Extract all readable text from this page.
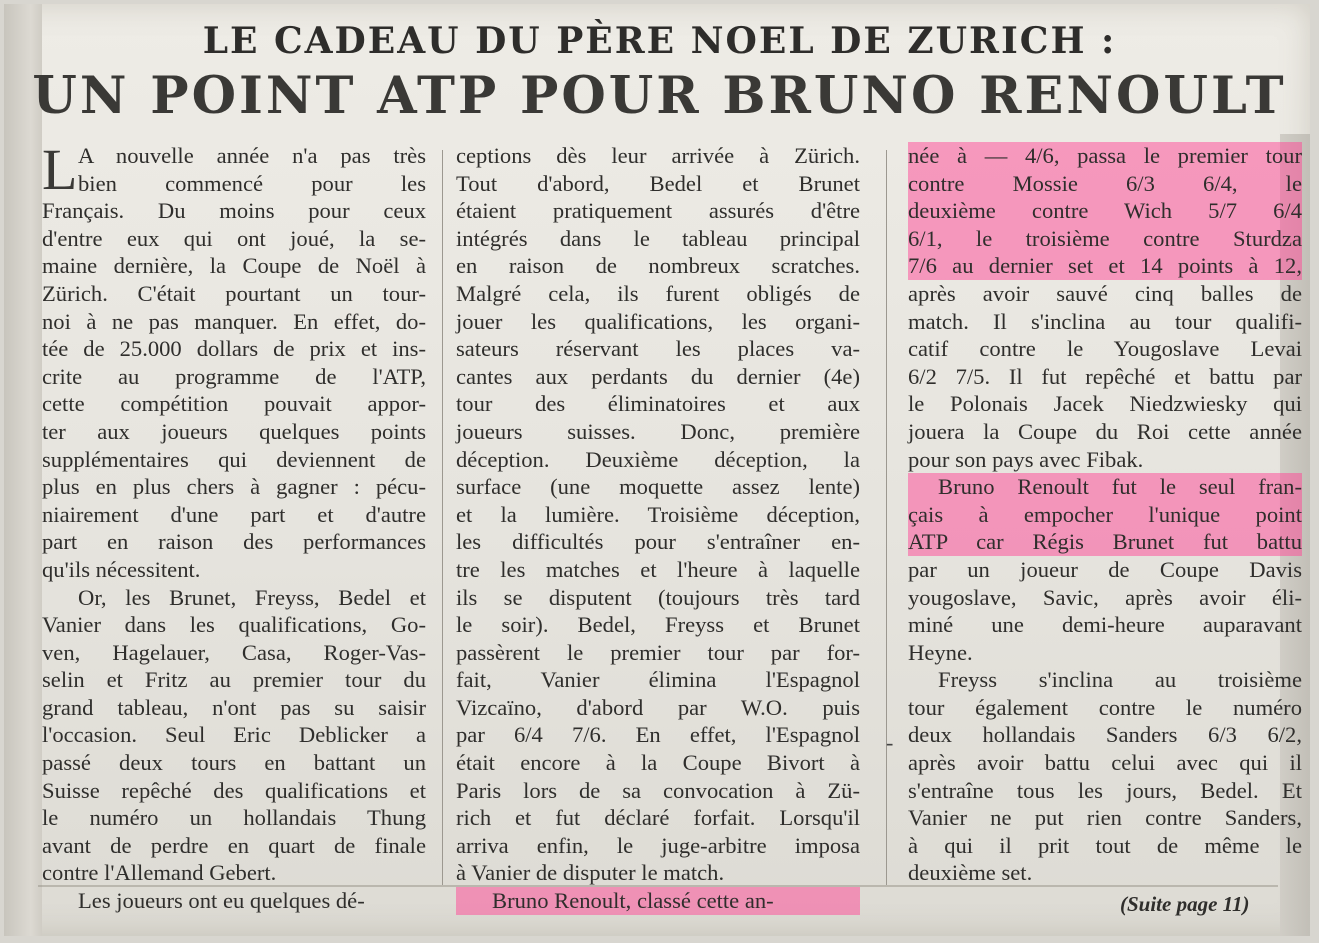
LE CADEAU DU PÈRE NOEL DE ZURICH :
UN POINT ATP POUR BRUNO RENOULT
L A nouvelle année n'a pas très
bien commencé pour les
Français. Du moins pour ceux
d'entre eux qui ont joué, la se-
maine dernière, la Coupe de Noël à
Zürich. C'était pourtant un tour-
noi à ne pas manquer. En effet, do-
tée de 25.000 dollars de prix et ins-
crite au programme de l'ATP,
cette compétition pouvait appor-
ter aux joueurs quelques points
supplémentaires qui deviennent de
plus en plus chers à gagner : pécu-
niairement d'une part et d'autre
part en raison des performances
qu'ils nécessitent.
Or, les Brunet, Freyss, Bedel et
Vanier dans les qualifications, Go-
ven, Hagelauer, Casa, Roger-Vas-
selin et Fritz au premier tour du
grand tableau, n'ont pas su saisir
l'occasion. Seul Eric Deblicker a
passé deux tours en battant un
Suisse repêché des qualifications et
le numéro un hollandais Thung
avant de perdre en quart de finale
contre l'Allemand Gebert.
Les joueurs ont eu quelques dé-
ceptions dès leur arrivée à Zürich.
Tout d'abord, Bedel et Brunet
étaient pratiquement assurés d'être
intégrés dans le tableau principal
en raison de nombreux scratches.
Malgré cela, ils furent obligés de
jouer les qualifications, les organi-
sateurs réservant les places va-
cantes aux perdants du dernier (4e)
tour des éliminatoires et aux
joueurs suisses. Donc, première
déception. Deuxième déception, la
surface (une moquette assez lente)
et la lumière. Troisième déception,
les difficultés pour s'entraîner en-
tre les matches et l'heure à laquelle
ils se disputent (toujours très tard
le soir). Bedel, Freyss et Brunet
passèrent le premier tour par for-
fait, Vanier élimina l'Espagnol
Vizcaïno, d'abord par W.O. puis
par 6/4 7/6. En effet, l'Espagnol
était encore à la Coupe Bivort à
Paris lors de sa convocation à Zü-
rich et fut déclaré forfait. Lorsqu'il
arriva enfin, le juge-arbitre imposa
à Vanier de disputer le match.
Bruno Renoult, classé cette an-
née à — 4/6, passa le premier tour
contre Mossie 6/3 6/4, le
deuxième contre Wich 5/7 6/4
6/1, le troisième contre Sturdza
7/6 au dernier set et 14 points à 12,
après avoir sauvé cinq balles de
match. Il s'inclina au tour qualifi-
catif contre le Yougoslave Levai
6/2 7/5. Il fut repêché et battu par
le Polonais Jacek Niedzwiesky qui
jouera la Coupe du Roi cette année
pour son pays avec Fibak.
Bruno Renoult fut le seul fran-
çais à empocher l'unique point
ATP car Régis Brunet fut battu
par un joueur de Coupe Davis
yougoslave, Savic, après avoir éli-
miné une demi-heure auparavant
Heyne.
Freyss s'inclina au troisième
tour également contre le numéro
deux hollandais Sanders 6/3 6/2,
après avoir battu celui avec qui il
s'entraîne tous les jours, Bedel. Et
Vanier ne put rien contre Sanders,
à qui il prit tout de même le
deuxième set.
-
(Suite page 11)
